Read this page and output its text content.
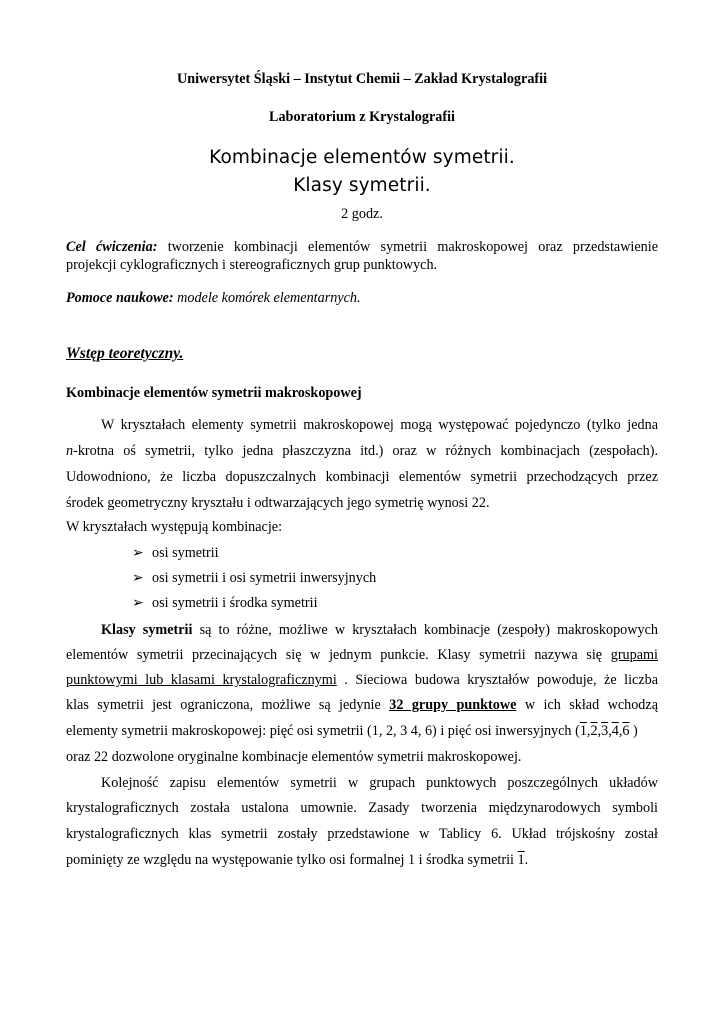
Uniwersytet Śląski – Instytut Chemii – Zakład Krystalografii
Laboratorium z Krystalografii
Kombinacje elementów symetrii.
Klasy symetrii.
2 godz.
Cel ćwiczenia: tworzenie kombinacji elementów symetrii makroskopowej oraz przedstawienie
projekcji cyklograficznych i stereograficznych grup punktowych.
Pomoce naukowe: modele komórek elementarnych.
Wstęp teoretyczny.
Kombinacje elementów symetrii makroskopowej
W kryształach elementy symetrii makroskopowej mogą występować pojedynczo (tylko jedna
n-krotna oś symetrii, tylko jedna płaszczyzna itd.) oraz w różnych kombinacjach (zespołach).
Udowodniono, że liczba dopuszczalnych kombinacji elementów symetrii przechodzących przez
środek geometryczny kryształu i odtwarzających jego symetrię wynosi 22.
W kryształach występują kombinacje:
➢ osi symetrii
➢ osi symetrii i osi symetrii inwersyjnych
➢ osi symetrii i środka symetrii
Klasy symetrii są to różne, możliwe w kryształach kombinacje (zespoły) makroskopowych
elementów symetrii przecinających się w jednym punkcie. Klasy symetrii nazywa się grupami
punktowymi lub klasami krystalograficznymi . Sieciowa budowa kryształów powoduje, że liczba
klas symetrii jest ograniczona, możliwe są jedynie 32 grupy punktowe w ich skład wchodzą
elementy symetrii makroskopowej: pięć osi symetrii (1, 2, 3 4, 6) i pięć osi inwersyjnych (1,2,3,4,6 )
oraz 22 dozwolone oryginalne kombinacje elementów symetrii makroskopowej.
Kolejność zapisu elementów symetrii w grupach punktowych poszczególnych układów
krystalograficznych została ustalona umownie. Zasady tworzenia międzynarodowych symboli
krystalograficznych klas symetrii zostały przedstawione w Tablicy 6. Układ trójskośny został
pominięty ze względu na występowanie tylko osi formalnej 1 i środka symetrii 1.
